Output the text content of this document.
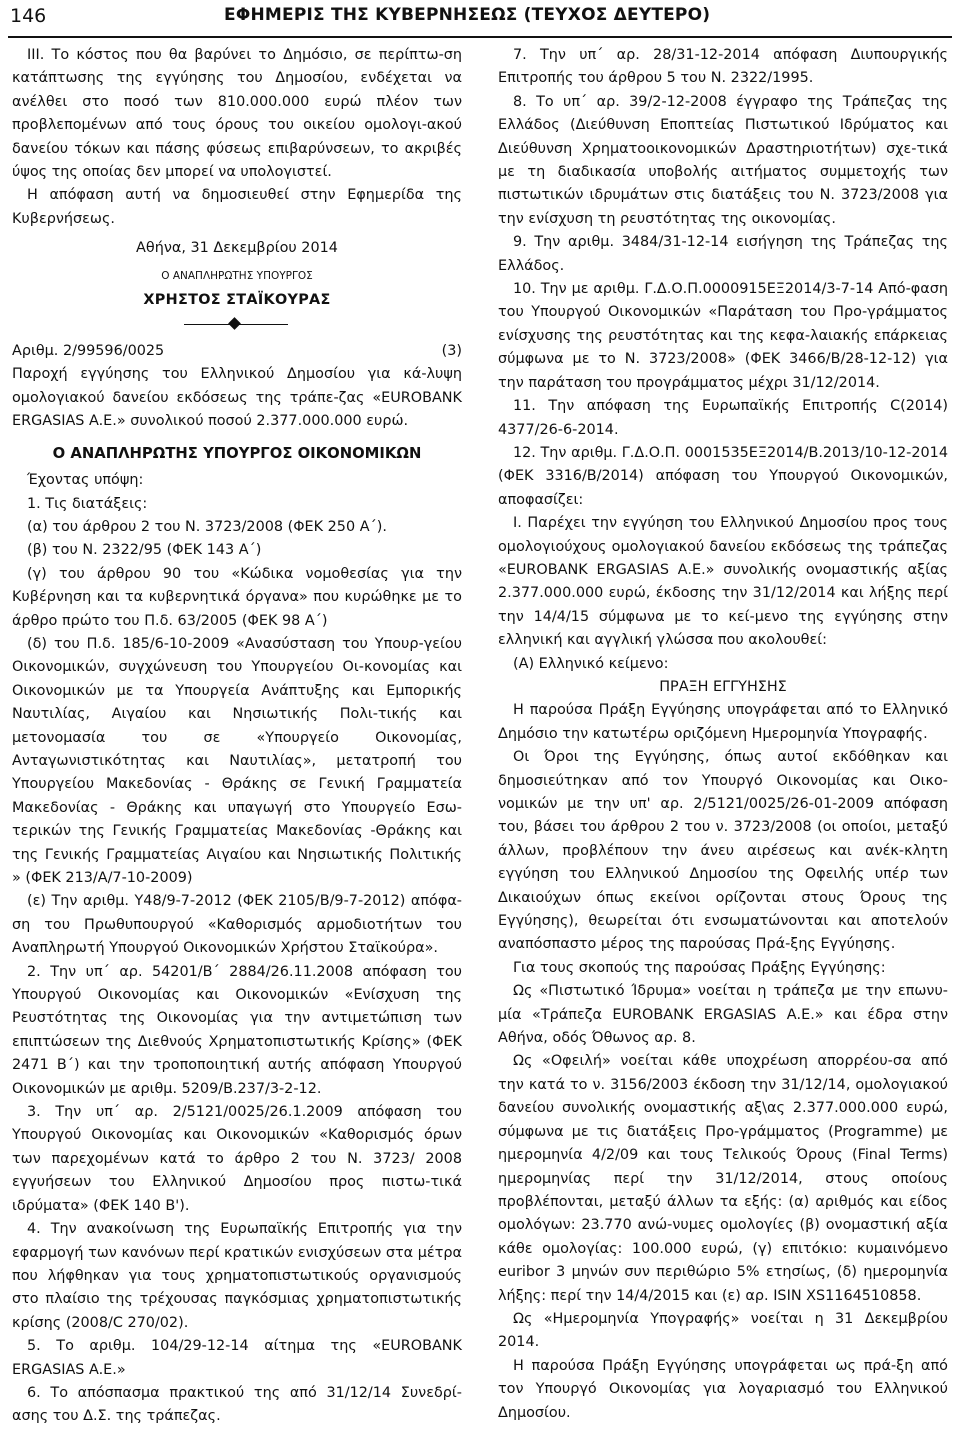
146	ΕΦΗΜΕΡΙΣ ΤΗΣ ΚΥΒΕΡΝΗΣΕΩΣ (ΤΕΥΧΟΣ ΔΕΥΤΕΡΟ)

ΙΙΙ. Το κόστος που θα βαρύνει το Δημόσιο, σε περίπτω-ση κατάπτωσης της εγγύησης του Δημοσίου, ενδέχεται να ανέλθει στο ποσό των 810.000.000 ευρώ πλέον των προβλεπομένων από τους όρους του οικείου ομολογι-ακού δανείου τόκων και πάσης φύσεως επιβαρύνσεων, το ακριβές ύψος της οποίας δεν μπορεί να υπολογιστεί.

Η απόφαση αυτή να δημοσιευθεί στην Εφημερίδα της Κυβερνήσεως.

Αθήνα, 31 Δεκεμβρίου 2014

Ο ΑΝΑΠΛΗΡΩΤΗΣ ΥΠΟΥΡΓΟΣ
ΧΡΗΣΤΟΣ ΣΤΑΪΚΟΥΡΑΣ
Αριθμ. 2/99596/0025	(3)

Παροχή εγγύησης του Ελληνικού Δημοσίου για κά-λυψη ομολογιακού δανείου εκδόσεως της τράπε-ζας «EUROBANK ERGASIAS A.E.» συνολικού ποσού 2.377.000.000 ευρώ.

Ο ΑΝΑΠΛΗΡΩΤΗΣ ΥΠΟΥΡΓΟΣ ΟΙΚΟΝΟΜΙΚΩΝ

Έχοντας υπόψη:

1. Τις διατάξεις:

(α) του άρθρου 2 του Ν. 3723/2008 (ΦΕΚ 250 Α΄).

(β) του Ν. 2322/95 (ΦΕΚ 143 Α΄)

(γ) του άρθρου 90 του «Κώδικα νομοθεσίας για την Κυβέρνηση και τα κυβερνητικά όργανα» που κυρώθηκε με το άρθρο πρώτο του Π.δ. 63/2005 (ΦΕΚ 98 Α΄)

(δ) του Π.δ. 185/6-10-2009 «Ανασύσταση του Υπουρ-γείου Οικονομικών, συγχώνευση του Υπουργείου Οι-κονομίας και Οικονομικών με τα Υπουργεία Ανάπτυξης και Εμπορικής Ναυτιλίας, Αιγαίου και Νησιωτικής Πολι-τικής και μετονομασία του σε «Υπουργείο Οικονομίας, Ανταγωνιστικότητας και Ναυτιλίας», μετατροπή του Υπουργείου Μακεδονίας - Θράκης σε Γενική Γραμματεία Μακεδονίας - Θράκης και υπαγωγή στο Υπουργείο Εσω-τερικών της Γενικής Γραμματείας Μακεδονίας -Θράκης και της Γενικής Γραμματείας Αιγαίου και Νησιωτικής Πολιτικής » (ΦΕΚ 213/Α/7-10-2009)

(ε) Την αριθμ. Υ48/9-7-2012 (ΦΕΚ 2105/Β/9-7-2012) απόφα-ση του Πρωθυπουργού «Καθορισμός αρμοδιοτήτων του Αναπληρωτή Υπουργού Οικονομικών Χρήστου Σταϊκούρα».

2. Την υπ΄ αρ. 54201/Β΄ 2884/26.11.2008 απόφαση του Υπουργού Οικονομίας και Οικονομικών «Ενίσχυση της Ρευστότητας της Οικονομίας για την αντιμετώπιση των επιπτώσεων της Διεθνούς Χρηματοπιστωτικής Κρίσης» (ΦΕΚ 2471 Β΄) και την τροποποιητική αυτής απόφαση Υπουργού Οικονομικών με αριθμ. 5209/Β.237/3-2-12.

3. Την υπ΄ αρ. 2/5121/0025/26.1.2009 απόφαση του Υπουργού Οικονομίας και Οικονομικών «Καθορισμός όρων των παρεχομένων κατά το άρθρο 2 του Ν. 3723/ 2008 εγγυήσεων του Ελληνικού Δημοσίου προς πιστω-τικά ιδρύματα» (ΦΕΚ 140 Β').

4. Την ανακοίνωση της Ευρωπαϊκής Επιτροπής για την εφαρμογή των κανόνων περί κρατικών ενισχύσεων στα μέτρα που λήφθηκαν για τους χρηματοπιστωτικούς οργανισμούς στο πλαίσιο της τρέχουσας παγκόσμιας χρηματοπιστωτικής κρίσης (2008/C 270/02).

5. Το αριθμ. 104/29-12-14 αίτημα της «EUROBANK ERGASIAS A.E.»

6. Το απόσπασμα πρακτικού της από 31/12/14 Συνεδρί-ασης του Δ.Σ. της τράπεζας.

7. Την υπ΄ αρ. 28/31-12-2014 απόφαση Διυπουργικής Επιτροπής του άρθρου 5 του Ν. 2322/1995.

8. Το υπ΄ αρ. 39/2-12-2008 έγγραφο της Τράπεζας της Ελλάδος (Διεύθυνση Εποπτείας Πιστωτικού Ιδρύματος και Διεύθυνση Χρηματοοικονομικών Δραστηριοτήτων) σχε-τικά με τη διαδικασία υποβολής αιτήματος συμμετοχής των πιστωτικών ιδρυμάτων στις διατάξεις του Ν. 3723/2008 για την ενίσχυση τη ρευστότητας της οικονομίας.

9. Την αριθμ. 3484/31-12-14 εισήγηση της Τράπεζας της Ελλάδος.

10. Την με αριθμ. Γ.Δ.Ο.Π.0000915ΕΞ2014/3-7-14 Από-φαση του Υπουργού Οικονομικών «Παράταση του Προ-γράμματος ενίσχυσης της ρευστότητας και της κεφα-λαιακής επάρκειας σύμφωνα με το Ν. 3723/2008» (ΦΕΚ 3466/Β/28-12-12) για την παράταση του προγράμματος μέχρι 31/12/2014.

11. Την απόφαση της Ευρωπαϊκής Επιτροπής C(2014) 4377/26-6-2014.

12. Την αριθμ. Γ.Δ.Ο.Π. 0001535ΕΞ2014/Β.2013/10-12-2014 (ΦΕΚ 3316/Β/2014) απόφαση του Υπουργού Οικονομικών, αποφασίζει:

Ι. Παρέχει την εγγύηση του Ελληνικού Δημοσίου προς τους ομολογιούχους ομολογιακού δανείου εκδόσεως της τράπεζας «EUROBANK ERGASIAS A.E.» συνολικής ονομαστικής αξίας 2.377.000.000 ευρώ, έκδοσης την 31/12/2014 και λήξης περί την 14/4/15 σύμφωνα με το κεί-μενο της εγγύησης στην ελληνική και αγγλική γλώσσα που ακολουθεί:

(Α) Ελληνικό κείμενο:

ΠΡΑΞΗ ΕΓΓΥΗΣΗΣ

Η παρούσα Πράξη Εγγύησης υπογράφεται από το Ελληνικό Δημόσιο την κατωτέρω οριζόμενη Ημερομηνία Υπογραφής.

Οι Όροι της Εγγύησης, όπως αυτοί εκδόθηκαν και δημοσιεύτηκαν από τον Υπουργό Οικονομίας και Οικο-νομικών με την υπ' αρ. 2/5121/0025/26-01-2009 απόφαση του, βάσει του άρθρου 2 του ν. 3723/2008 (οι οποίοι, μεταξύ άλλων, προβλέπουν την άνευ αιρέσεως και ανέκ-κλητη εγγύηση του Ελληνικού Δημοσίου της Οφειλής υπέρ των Δικαιούχων όπως εκείνοι ορίζονται στους Όρους της Εγγύησης), θεωρείται ότι ενσωματώνονται και αποτελούν αναπόσπαστο μέρος της παρούσας Πρά-ξης Εγγύησης.

Για τους σκοπούς της παρούσας Πράξης Εγγύησης:

Ως «Πιστωτικό Ίδρυμα» νοείται η τράπεζα με την επωνυ-μία «Τράπεζα EUROBANK ERGASIAS Α.Ε.» και έδρα στην Αθήνα, οδός Όθωνος αρ. 8.

Ως «Οφειλή» νοείται κάθε υποχρέωση απορρέου-σα από την κατά το ν. 3156/2003 έκδοση την 31/12/14, ομολογιακού δανείου συνολικής ονομαστικής αξ\ας 2.377.000.000 ευρώ, σύμφωνα με τις διατάξεις Προ-γράμματος (Programme) με ημερομηνία 4/2/09 και τους Τελικούς Όρους (Final Terms) ημερομηνίας περί την 31/12/2014, στους οποίους προβλέπονται, μεταξύ άλλων τα εξής: (α) αριθμός και είδος ομολόγων: 23.770 ανώ-νυμες ομολογίες (β) ονομαστική αξία κάθε ομολογίας: 100.000 ευρώ, (γ) επιτόκιο: κυμαινόμενο euribor 3 μηνών συν περιθώριο 5% ετησίως, (δ) ημερομηνία λήξης: περί την 14/4/2015 και (ε) αρ. ISIN XS1164510858.

Ως «Ημερομηνία Υπογραφής» νοείται η 31 Δεκεμβρίου 2014.

Η παρούσα Πράξη Εγγύησης υπογράφεται ως πρά-ξη από τον Υπουργό Οικονομίας για λογαριασμό του Ελληνικού Δημοσίου.
